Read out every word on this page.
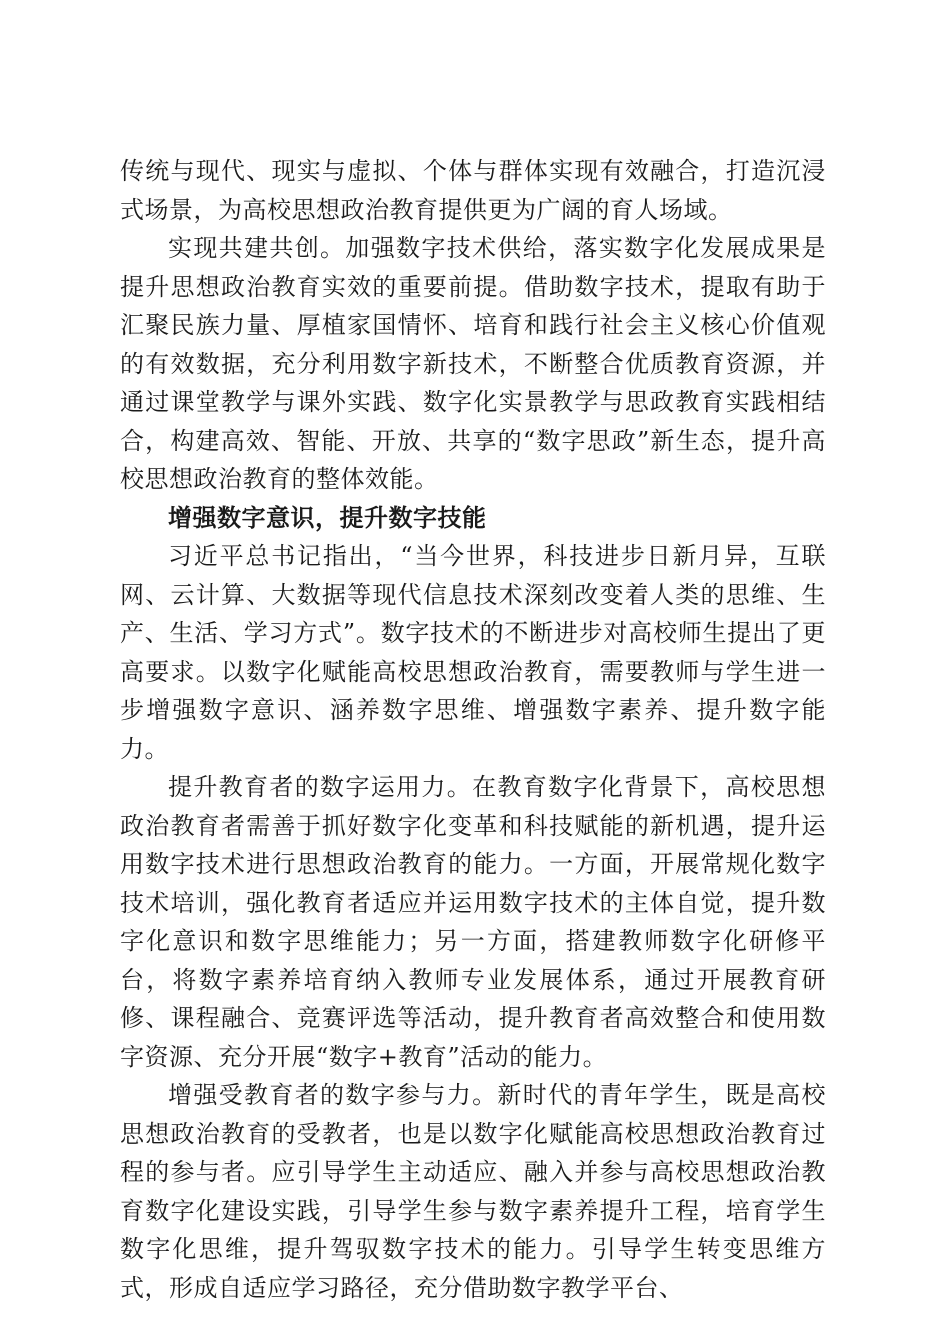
传统与现代、现实与虚拟、个体与群体实现有效融合，打造沉浸式场景，为高校思想政治教育提供更为广阔的育人场域。

实现共建共创。加强数字技术供给，落实数字化发展成果是提升思想政治教育实效的重要前提。借助数字技术，提取有助于汇聚民族力量、厚植家国情怀、培育和践行社会主义核心价值观的有效数据，充分利用数字新技术，不断整合优质教育资源，并通过课堂教学与课外实践、数字化实景教学与思政教育实践相结合，构建高效、智能、开放、共享的“数字思政”新生态，提升高校思想政治教育的整体效能。

增强数字意识，提升数字技能

习近平总书记指出，“当今世界，科技进步日新月异，互联网、云计算、大数据等现代信息技术深刻改变着人类的思维、生产、生活、学习方式”。数字技术的不断进步对高校师生提出了更高要求。以数字化赋能高校思想政治教育，需要教师与学生进一步增强数字意识、涵养数字思维、增强数字素养、提升数字能力。

提升教育者的数字运用力。在教育数字化背景下，高校思想政治教育者需善于抓好数字化变革和科技赋能的新机遇，提升运用数字技术进行思想政治教育的能力。一方面，开展常规化数字技术培训，强化教育者适应并运用数字技术的主体自觉，提升数字化意识和数字思维能力；另一方面，搭建教师数字化研修平台，将数字素养培育纳入教师专业发展体系，通过开展教育研修、课程融合、竞赛评选等活动，提升教育者高效整合和使用数字资源、充分开展“数字+教育”活动的能力。

增强受教育者的数字参与力。新时代的青年学生，既是高校思想政治教育的受教者，也是以数字化赋能高校思想政治教育过程的参与者。应引导学生主动适应、融入并参与高校思想政治教育数字化建设实践，引导学生参与数字素养提升工程，培育学生数字化思维，提升驾驭数字技术的能力。引导学生转变思维方式，形成自适应学习路径，充分借助数字教学平台、
